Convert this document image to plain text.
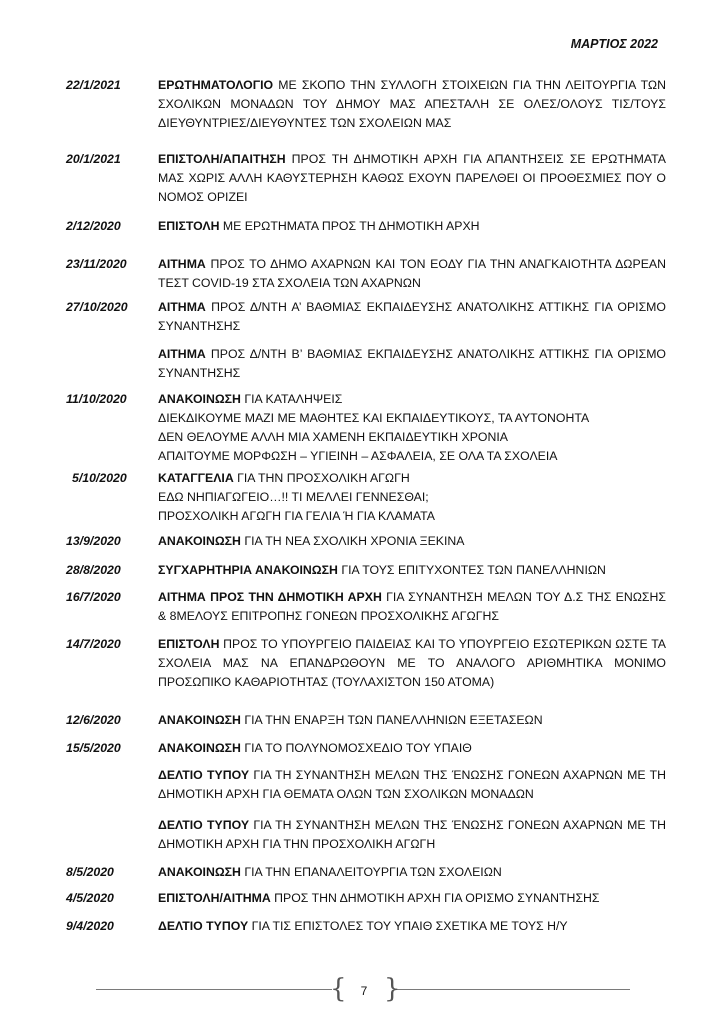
ΜΑΡΤΙΟΣ 2022
22/1/2021	ΕΡΩΤΗΜΑΤΟΛΟΓΙΟ ΜΕ ΣΚΟΠΟ ΤΗΝ ΣΥΛΛΟΓΗ ΣΤΟΙΧΕΙΩΝ ΓΙΑ ΤΗΝ ΛΕΙΤΟΥΡΓΙΑ ΤΩΝ ΣΧΟΛΙΚΩΝ ΜΟΝΑΔΩΝ ΤΟΥ ΔΗΜΟΥ ΜΑΣ ΑΠΕΣΤΑΛΗ ΣΕ ΟΛΕΣ/ΟΛΟΥΣ ΤΙΣ/ΤΟΥΣ ΔΙΕΥΘΥΝΤΡΙΕΣ/ΔΙΕΥΘΥΝΤΕΣ ΤΩΝ ΣΧΟΛΕΙΩΝ ΜΑΣ
20/1/2021	ΕΠΙΣΤΟΛΗ/ΑΠΑΙΤΗΣΗ ΠΡΟΣ ΤΗ ΔΗΜΟΤΙΚΗ ΑΡΧΗ ΓΙΑ ΑΠΑΝΤΗΣΕΙΣ ΣΕ ΕΡΩΤΗΜΑΤΑ ΜΑΣ ΧΩΡΙΣ ΑΛΛΗ ΚΑΘΥΣΤΕΡΗΣΗ ΚΑΘΩΣ ΕΧΟΥΝ ΠΑΡΕΛΘΕΙ ΟΙ ΠΡΟΘΕΣΜΙΕΣ ΠΟΥ Ο ΝΟΜΟΣ ΟΡΙΖΕΙ
2/12/2020	ΕΠΙΣΤΟΛΗ ΜΕ ΕΡΩΤΗΜΑΤΑ ΠΡΟΣ ΤΗ ΔΗΜΟΤΙΚΗ ΑΡΧΗ
23/11/2020	ΑΙΤΗΜΑ ΠΡΟΣ ΤΟ ΔΗΜΟ ΑΧΑΡΝΩΝ ΚΑΙ ΤΟΝ ΕΟΔΥ ΓΙΑ ΤΗΝ ΑΝΑΓΚΑΙΟΤΗΤΑ ΔΩΡΕΑΝ ΤΕΣΤ COVID-19 ΣΤΑ ΣΧΟΛΕΙΑ ΤΩΝ ΑΧΑΡΝΩΝ
27/10/2020	ΑΙΤΗΜΑ ΠΡΟΣ Δ/ΝΤΗ Α’ ΒΑΘΜΙΑΣ ΕΚΠΑΙΔΕΥΣΗΣ ΑΝΑΤΟΛΙΚΗΣ ΑΤΤΙΚΗΣ ΓΙΑ ΟΡΙΣΜΟ ΣΥΝΑΝΤΗΣΗΣ
ΑΙΤΗΜΑ ΠΡΟΣ Δ/ΝΤΗ Β’ ΒΑΘΜΙΑΣ ΕΚΠΑΙΔΕΥΣΗΣ ΑΝΑΤΟΛΙΚΗΣ ΑΤΤΙΚΗΣ ΓΙΑ ΟΡΙΣΜΟ ΣΥΝΑΝΤΗΣΗΣ
11/10/2020	ΑΝΑΚΟΙΝΩΣΗ ΓΙΑ ΚΑΤΑΛΗΨΕΙΣ
ΔΙΕΚΔΙΚΟΥΜΕ ΜΑΖΙ ΜΕ ΜΑΘΗΤΕΣ ΚΑΙ ΕΚΠΑΙΔΕΥΤΙΚΟΥΣ, ΤΑ ΑΥΤΟΝΟΗΤΑ
ΔΕΝ ΘΕΛΟΥΜΕ ΑΛΛΗ ΜΙΑ ΧΑΜΕΝΗ ΕΚΠΑΙΔΕΥΤΙΚΗ ΧΡΟΝΙΑ
ΑΠΑΙΤΟΥΜΕ ΜΟΡΦΩΣΗ – ΥΓΙΕΙΝΗ – ΑΣΦΑΛΕΙΑ, ΣΕ ΟΛΑ ΤΑ ΣΧΟΛΕΙΑ
5/10/2020	ΚΑΤΑΓΓΕΛΙΑ ΓΙΑ ΤΗΝ ΠΡΟΣΧΟΛΙΚΗ ΑΓΩΓΗ
ΕΔΩ ΝΗΠΙΑΓΩΓΕΙΟ…!! ΤΙ ΜΕΛΛΕΙ ΓΕΝΝΕΣΘΑΙ;
ΠΡΟΣΧΟΛΙΚΗ ΑΓΩΓΗ ΓΙΑ ΓΕΛΙΑ Ή ΓΙΑ ΚΛΑΜΑΤΑ
13/9/2020	ΑΝΑΚΟΙΝΩΣΗ ΓΙΑ ΤΗ ΝΕΑ ΣΧΟΛΙΚΗ ΧΡΟΝΙΑ ΞΕΚΙΝΑ
28/8/2020	ΣΥΓΧΑΡΗΤΗΡΙΑ ΑΝΑΚΟΙΝΩΣΗ ΓΙΑ ΤΟΥΣ ΕΠΙΤΥΧΟΝΤΕΣ ΤΩΝ ΠΑΝΕΛΛΗΝΙΩΝ
16/7/2020	ΑΙΤΗΜΑ ΠΡΟΣ ΤΗΝ ΔΗΜΟΤΙΚΗ ΑΡΧΗ ΓΙΑ ΣΥΝΑΝΤΗΣΗ ΜΕΛΩΝ ΤΟΥ Δ.Σ ΤΗΣ ΕΝΩΣΗΣ & 8ΜΕΛΟΥΣ ΕΠΙΤΡΟΠΗΣ ΓΟΝΕΩΝ ΠΡΟΣΧΟΛΙΚΗΣ ΑΓΩΓΗΣ
14/7/2020	ΕΠΙΣΤΟΛΗ ΠΡΟΣ ΤΟ ΥΠΟΥΡΓΕΙΟ ΠΑΙΔΕΙΑΣ ΚΑΙ ΤΟ ΥΠΟΥΡΓΕΙΟ ΕΣΩΤΕΡΙΚΩΝ ΩΣΤΕ ΤΑ ΣΧΟΛΕΙΑ ΜΑΣ ΝΑ ΕΠΑΝΔΡΩΘΟΥΝ ΜΕ ΤΟ ΑΝΑΛΟΓΟ ΑΡΙΘΜΗΤΙΚΑ ΜΟΝΙΜΟ ΠΡΟΣΩΠΙΚΟ ΚΑΘΑΡΙΟΤΗΤΑΣ (ΤΟΥΛΑΧΙΣΤΟΝ 150 ΑΤΟΜΑ)
12/6/2020	ΑΝΑΚΟΙΝΩΣΗ ΓΙΑ ΤΗΝ ΕΝΑΡΞΗ ΤΩΝ ΠΑΝΕΛΛΗΝΙΩΝ ΕΞΕΤΑΣΕΩΝ
15/5/2020	ΑΝΑΚΟΙΝΩΣΗ ΓΙΑ ΤΟ ΠΟΛΥΝΟΜΟΣΧΕΔΙΟ ΤΟΥ ΥΠΑΙΘ
ΔΕΛΤΙΟ ΤΥΠΟΥ ΓΙΑ ΤΗ ΣΥΝΑΝΤΗΣΗ ΜΕΛΩΝ ΤΗΣ ΈΝΩΣΗΣ ΓΟΝΕΩΝ ΑΧΑΡΝΩΝ ΜΕ ΤΗ ΔΗΜΟΤΙΚΗ ΑΡΧΗ ΓΙΑ ΘΕΜΑΤΑ ΟΛΩΝ ΤΩΝ ΣΧΟΛΙΚΩΝ ΜΟΝΑΔΩΝ
ΔΕΛΤΙΟ ΤΥΠΟΥ ΓΙΑ ΤΗ ΣΥΝΑΝΤΗΣΗ ΜΕΛΩΝ ΤΗΣ ΈΝΩΣΗΣ ΓΟΝΕΩΝ ΑΧΑΡΝΩΝ ΜΕ ΤΗ ΔΗΜΟΤΙΚΗ ΑΡΧΗ ΓΙΑ ΤΗΝ ΠΡΟΣΧΟΛΙΚΗ ΑΓΩΓΗ
8/5/2020	ΑΝΑΚΟΙΝΩΣΗ ΓΙΑ ΤΗΝ ΕΠΑΝΑΛΕΙΤΟΥΡΓΙΑ ΤΩΝ ΣΧΟΛΕΙΩΝ
4/5/2020	ΕΠΙΣΤΟΛΗ/ΑΙΤΗΜΑ ΠΡΟΣ ΤΗΝ ΔΗΜΟΤΙΚΗ ΑΡΧΗ ΓΙΑ ΟΡΙΣΜΟ ΣΥΝΑΝΤΗΣΗΣ
9/4/2020	ΔΕΛΤΙΟ ΤΥΠΟΥ ΓΙΑ ΤΙΣ ΕΠΙΣΤΟΛΕΣ ΤΟΥ ΥΠΑΙΘ ΣΧΕΤΙΚΑ ΜΕ ΤΟΥΣ Η/Υ
{ }
7
